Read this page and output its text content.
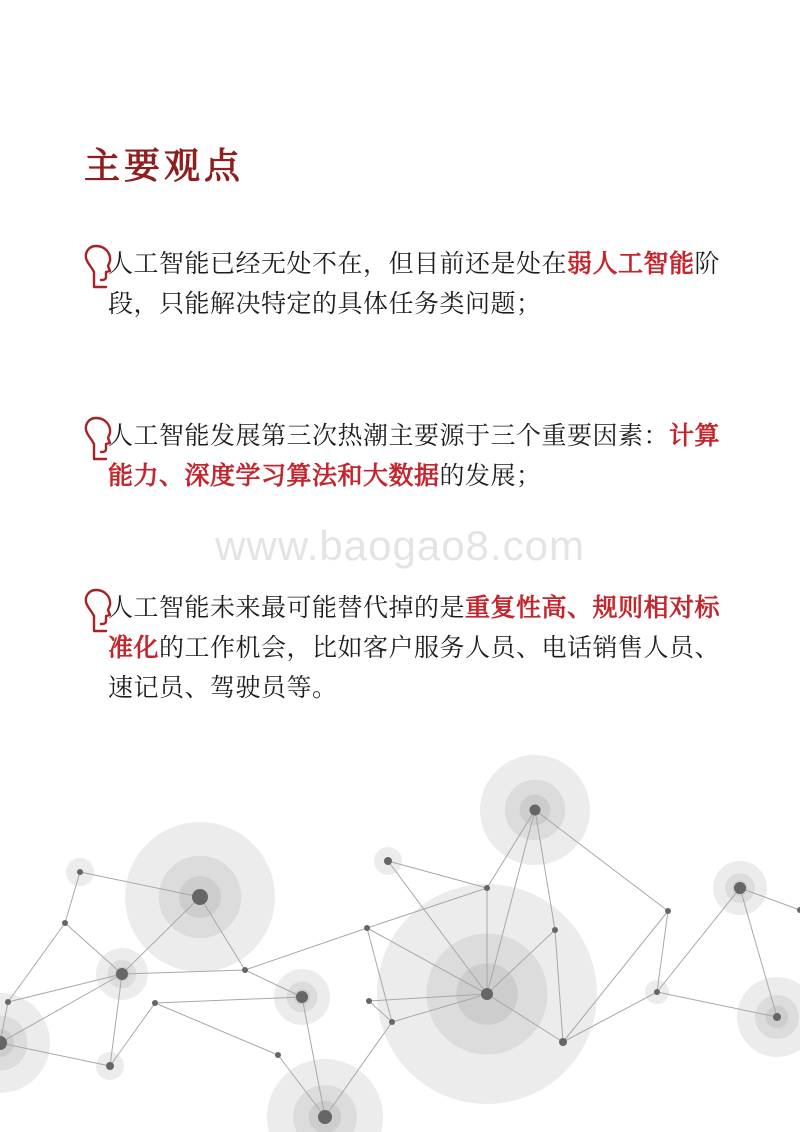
主要观点

人工智能已经无处不在，但目前还是处在弱人工智能阶段，只能解决特定的具体任务类问题；

人工智能发展第三次热潮主要源于三个重要因素：计算能力、深度学习算法和大数据的发展；

www.baogao8.com

人工智能未来最可能替代掉的是重复性高、规则相对标准化的工作机会，比如客户服务人员、电话销售人员、速记员、驾驶员等。
